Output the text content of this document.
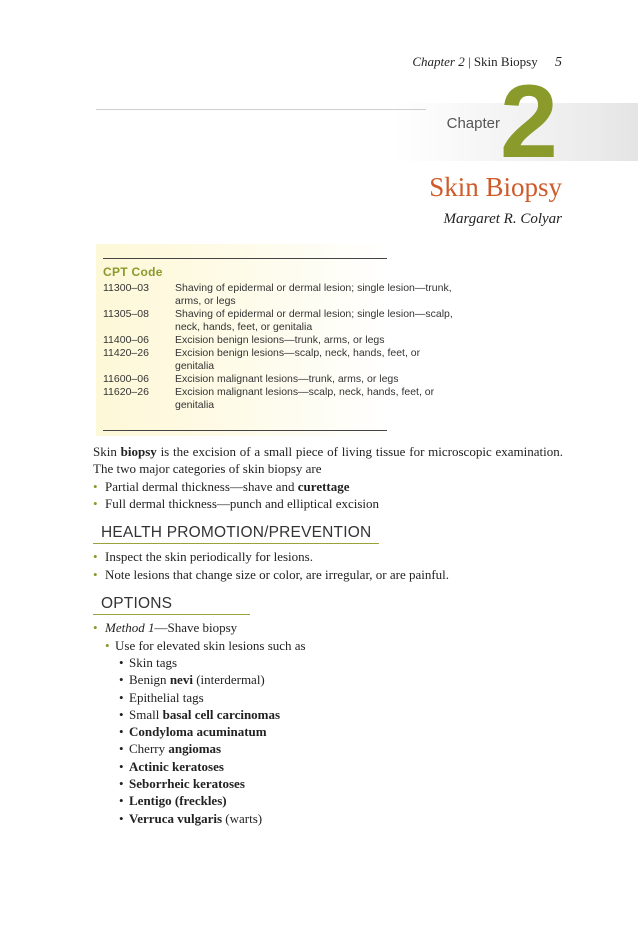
Chapter 2 | Skin Biopsy 5
Chapter 2
Skin Biopsy
Margaret R. Colyar
CPT Code
11300–03	Shaving of epidermal or dermal lesion; single lesion—trunk, arms, or legs
11305–08	Shaving of epidermal or dermal lesion; single lesion—scalp, neck, hands, feet, or genitalia
11400–06	Excision benign lesions—trunk, arms, or legs
11420–26	Excision benign lesions—scalp, neck, hands, feet, or genitalia
11600–06	Excision malignant lesions—trunk, arms, or legs
11620–26	Excision malignant lesions—scalp, neck, hands, feet, or genitalia

Skin biopsy is the excision of a small piece of living tissue for microscopic examination. The two major categories of skin biopsy are

• Partial dermal thickness—shave and curettage
• Full dermal thickness—punch and elliptical excision
HEALTH PROMOTION/PREVENTION
• Inspect the skin periodically for lesions.
• Note lesions that change size or color, are irregular, or are painful.
OPTIONS
• Method 1—Shave biopsy
• Use for elevated skin lesions such as
• Skin tags
• Benign nevi (interdermal)
• Epithelial tags
• Small basal cell carcinomas
• Condyloma acuminatum
• Cherry angiomas
• Actinic keratoses
• Seborrheic keratoses
• Lentigo (freckles)
• Verruca vulgaris (warts)
